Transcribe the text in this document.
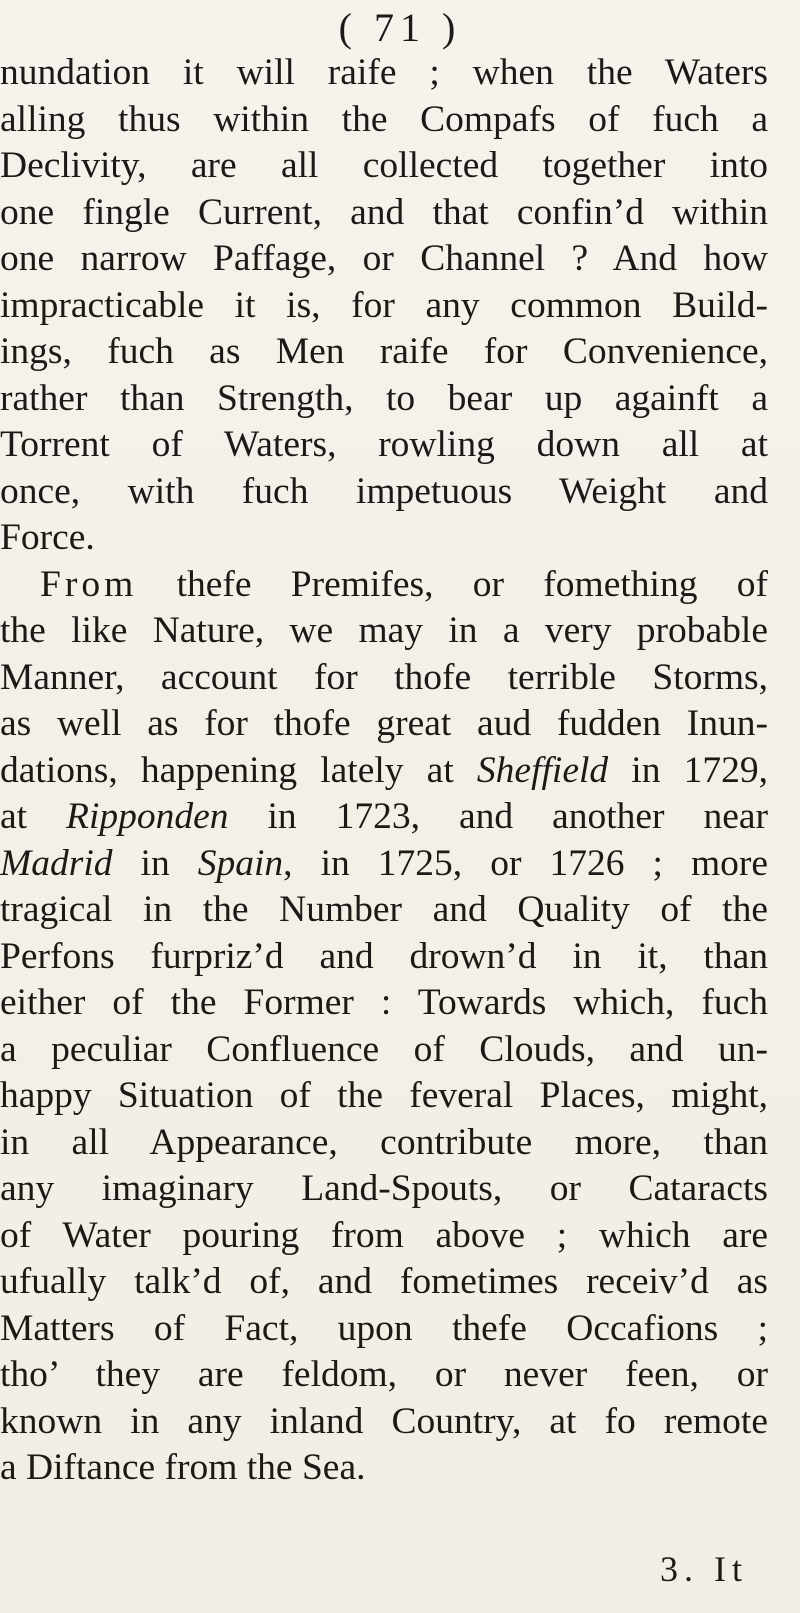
( 71 )
nundation it will raife ; when the Waters
alling thus within the Compafs of fuch a
Declivity, are all collected together into
one fingle Current, and that confin’d within
one narrow Paffage, or Channel ? And how
impracticable it is, for any common Build-
ings, fuch as Men raife for Convenience,
rather than Strength, to bear up againft a
Torrent of Waters, rowling down all at
once, with fuch impetuous Weight and
Force.
From thefe Premifes, or fomething of
the like Nature, we may in a very probable
Manner, account for thofe terrible Storms,
as well as for thofe great aud fudden Inun-
dations, happening lately at Sheffield in 1729,
at Ripponden in 1723, and another near
Madrid in Spain, in 1725, or 1726 ; more
tragical in the Number and Quality of the
Perfons furpriz’d and drown’d in it, than
either of the Former : Towards which, fuch
a peculiar Confluence of Clouds, and un-
happy Situation of the feveral Places, might,
in all Appearance, contribute more, than
any imaginary Land-Spouts, or Cataracts
of Water pouring from above ; which are
ufually talk’d of, and fometimes receiv’d as
Matters of Fact, upon thefe Occafions ;
tho’ they are feldom, or never feen, or
known in any inland Country, at fo remote
a Diftance from the Sea.
3. It
